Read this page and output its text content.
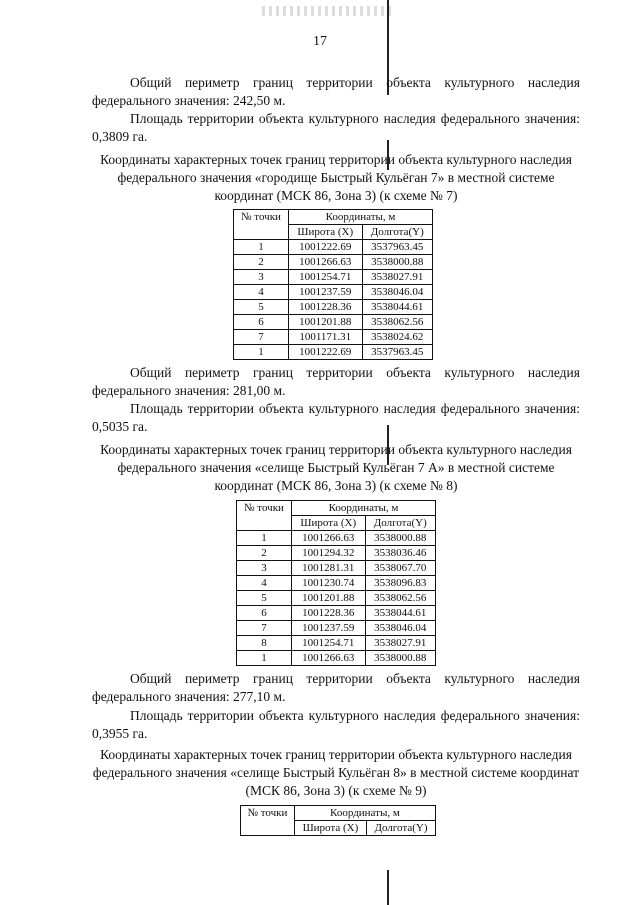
17
Общий периметр границ территории объекта культурного наследия федерального значения: 242,50 м.
Площадь территории объекта культурного наследия федерального значения: 0,3809 га.
Координаты характерных точек границ территории объекта культурного наследия федерального значения «городище Быстрый Кульёган 7» в местной системе координат (МСК 86, Зона 3) (к схеме № 7)
№ точки	Координаты, м	
	Широта (X)	Долгота(Y)
1	1001222.69	3537963.45
2	1001266.63	3538000.88
3	1001254.71	3538027.91
4	1001237.59	3538046.04
5	1001228.36	3538044.61
6	1001201.88	3538062.56
7	1001171.31	3538024.62
1	1001222.69	3537963.45
Общий периметр границ территории объекта культурного наследия федерального значения: 281,00 м.
Площадь территории объекта культурного наследия федерального значения: 0,5035 га.
Координаты характерных точек границ территории объекта культурного наследия федерального значения «селище Быстрый Кульёган 7 А» в местной системе координат (МСК 86, Зона 3) (к схеме № 8)
№ точки	Координаты, м	
	Широта (X)	Долгота(Y)
1	1001266.63	3538000.88
2	1001294.32	3538036.46
3	1001281.31	3538067.70
4	1001230.74	3538096.83
5	1001201.88	3538062.56
6	1001228.36	3538044.61
7	1001237.59	3538046.04
8	1001254.71	3538027.91
1	1001266.63	3538000.88
Общий периметр границ территории объекта культурного наследия федерального значения: 277,10 м.
Площадь территории объекта культурного наследия федерального значения: 0,3955 га.
Координаты характерных точек границ территории объекта культурного наследия федерального значения «селище Быстрый Кульёган 8» в местной системе координат (МСК 86, Зона 3) (к схеме № 9)
№ точки	Координаты, м	
	Широта (X)	Долгота(Y)
